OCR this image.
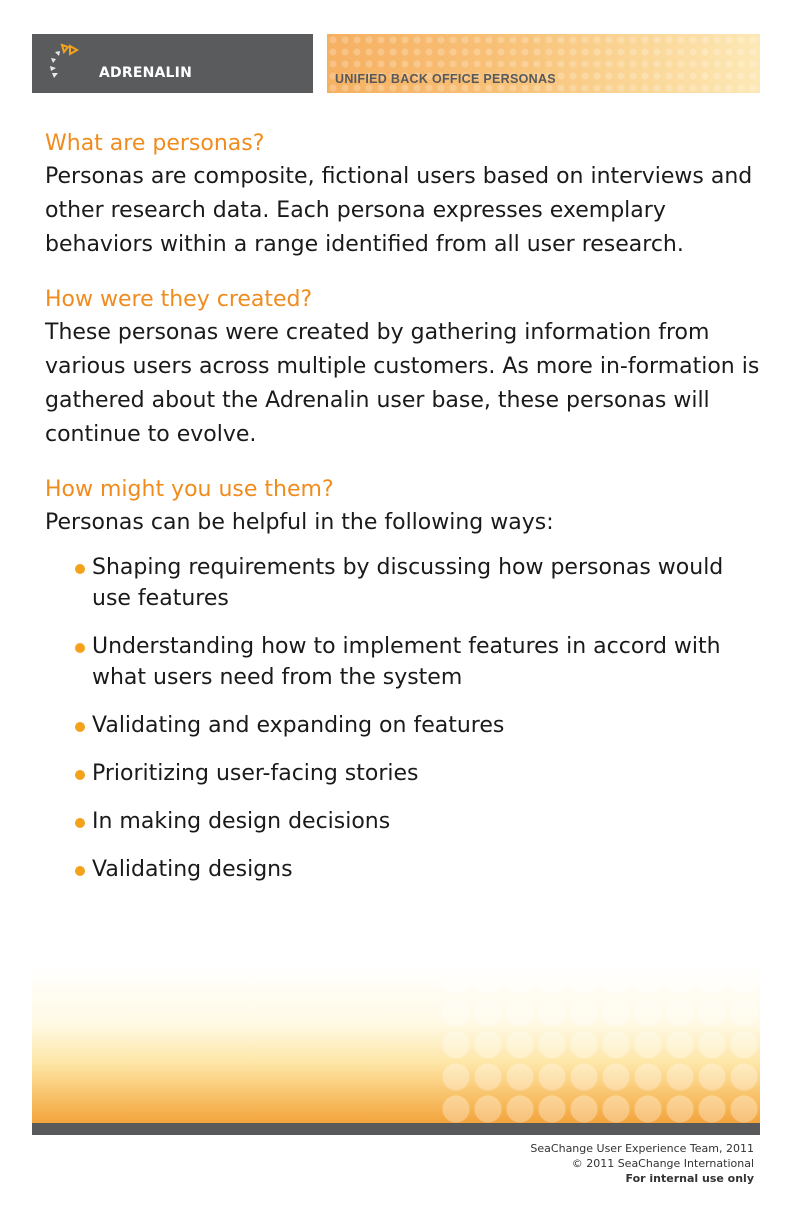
ADRENALIN	UNIFIED BACK OFFICE PERSONAS
What are personas?

Personas are composite, fictional users based on interviews and other research data. Each persona expresses exemplary behaviors within a range identified from all user research.

How were they created?

These personas were created by gathering information from various users across multiple customers. As more in-formation is gathered about the Adrenalin user base, these personas will continue to evolve.

How might you use them?

Personas can be helpful in the following ways:

Shaping requirements by discussing how personas would use features
Understanding how to implement features in accord with what users need from the system
Validating and expanding on features
Prioritizing user-facing stories
In making design decisions
Validating designs
SeaChange User Experience Team, 2011
© 2011 SeaChange International
For internal use only
